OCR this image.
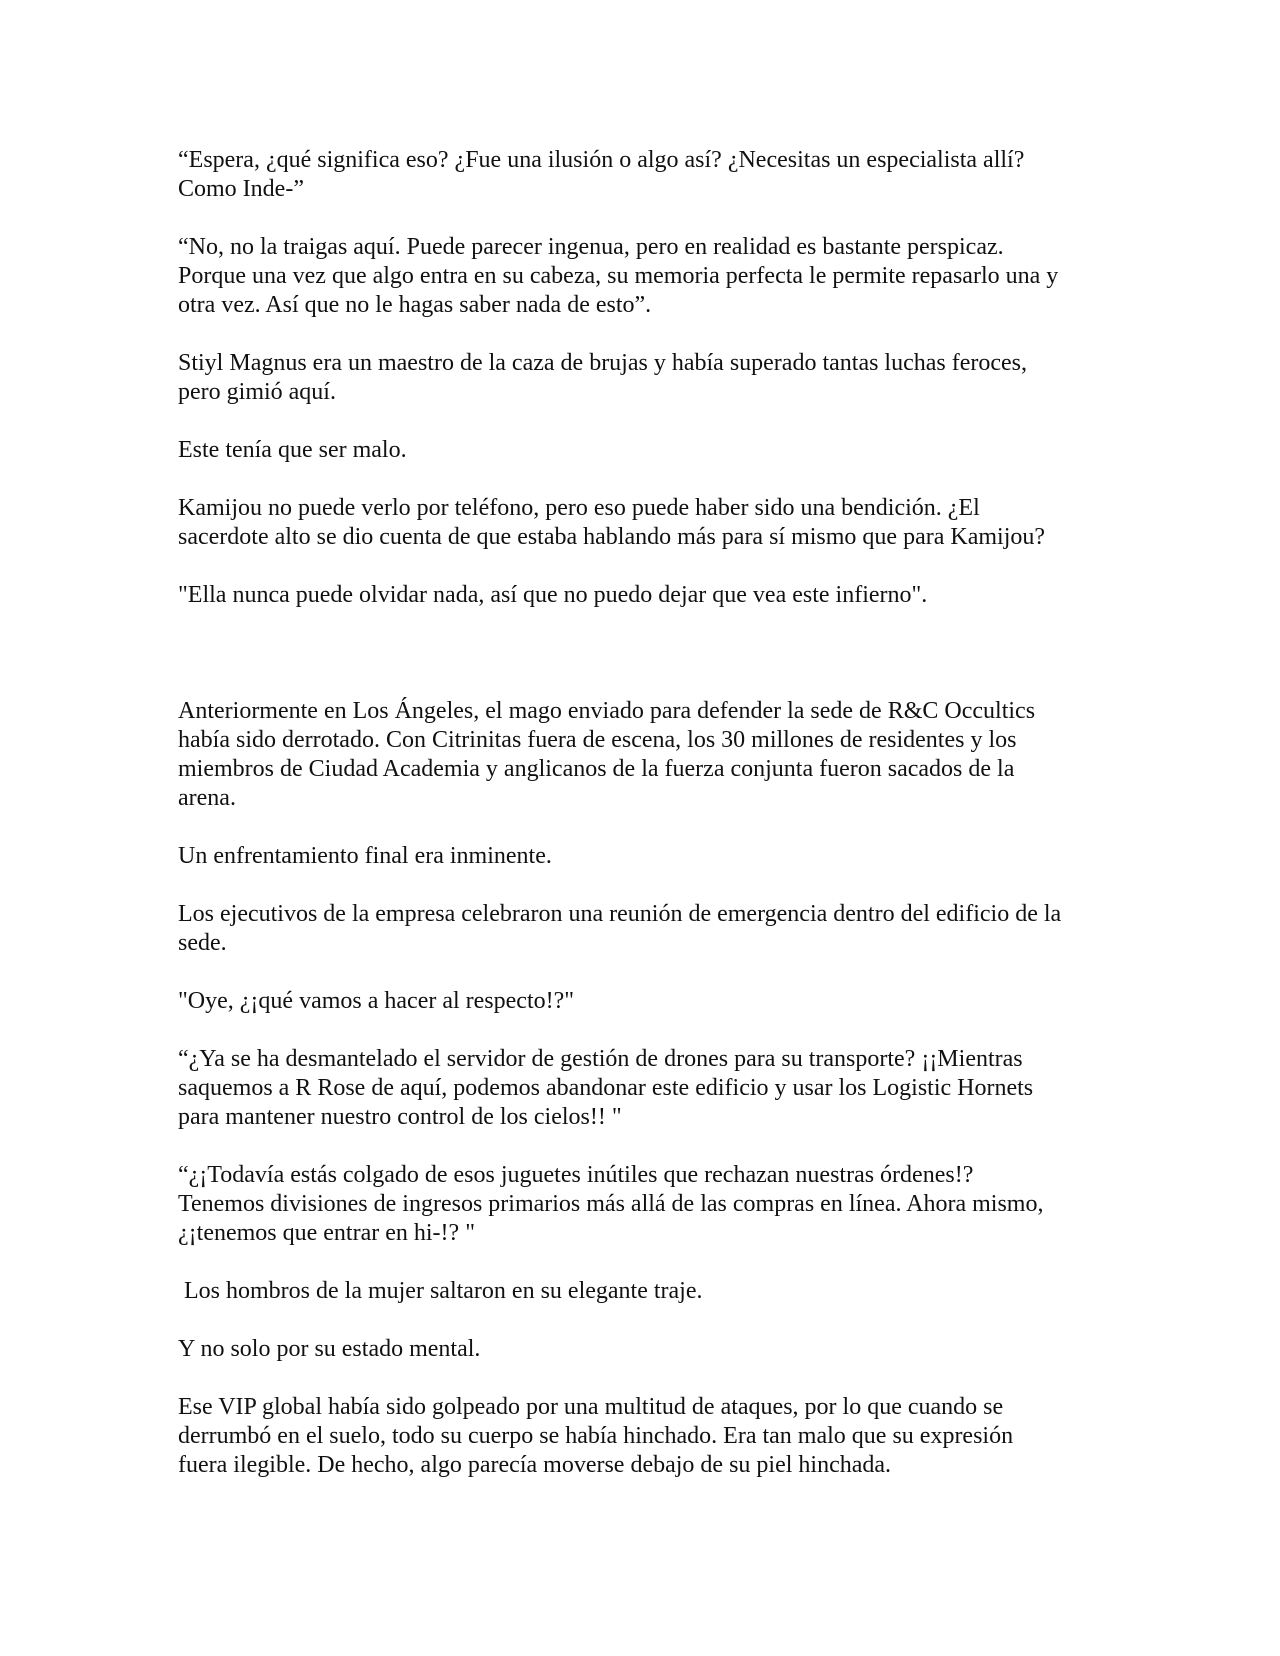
“Espera, ¿qué significa eso? ¿Fue una ilusión o algo así? ¿Necesitas un especialista allí?
Como Inde-”

“No, no la traigas aquí. Puede parecer ingenua, pero en realidad es bastante perspicaz.
Porque una vez que algo entra en su cabeza, su memoria perfecta le permite repasarlo una y
otra vez. Así que no le hagas saber nada de esto”.

Stiyl Magnus era un maestro de la caza de brujas y había superado tantas luchas feroces,
pero gimió aquí.

Este tenía que ser malo.

Kamijou no puede verlo por teléfono, pero eso puede haber sido una bendición. ¿El
sacerdote alto se dio cuenta de que estaba hablando más para sí mismo que para Kamijou?

"Ella nunca puede olvidar nada, así que no puedo dejar que vea este infierno".

Anteriormente en Los Ángeles, el mago enviado para defender la sede de R&C Occultics
había sido derrotado. Con Citrinitas fuera de escena, los 30 millones de residentes y los
miembros de Ciudad Academia y anglicanos de la fuerza conjunta fueron sacados de la
arena.

Un enfrentamiento final era inminente.

Los ejecutivos de la empresa celebraron una reunión de emergencia dentro del edificio de la
sede.

"Oye, ¿¡qué vamos a hacer al respecto!?"

“¿Ya se ha desmantelado el servidor de gestión de drones para su transporte? ¡¡Mientras
saquemos a R Rose de aquí, podemos abandonar este edificio y usar los Logistic Hornets
para mantener nuestro control de los cielos!! "

“¿¡Todavía estás colgado de esos juguetes inútiles que rechazan nuestras órdenes!?
Tenemos divisiones de ingresos primarios más allá de las compras en línea. Ahora mismo,
¿¡tenemos que entrar en hi-!? "

Los hombros de la mujer saltaron en su elegante traje.

Y no solo por su estado mental.

Ese VIP global había sido golpeado por una multitud de ataques, por lo que cuando se
derrumbó en el suelo, todo su cuerpo se había hinchado. Era tan malo que su expresión
fuera ilegible. De hecho, algo parecía moverse debajo de su piel hinchada.
